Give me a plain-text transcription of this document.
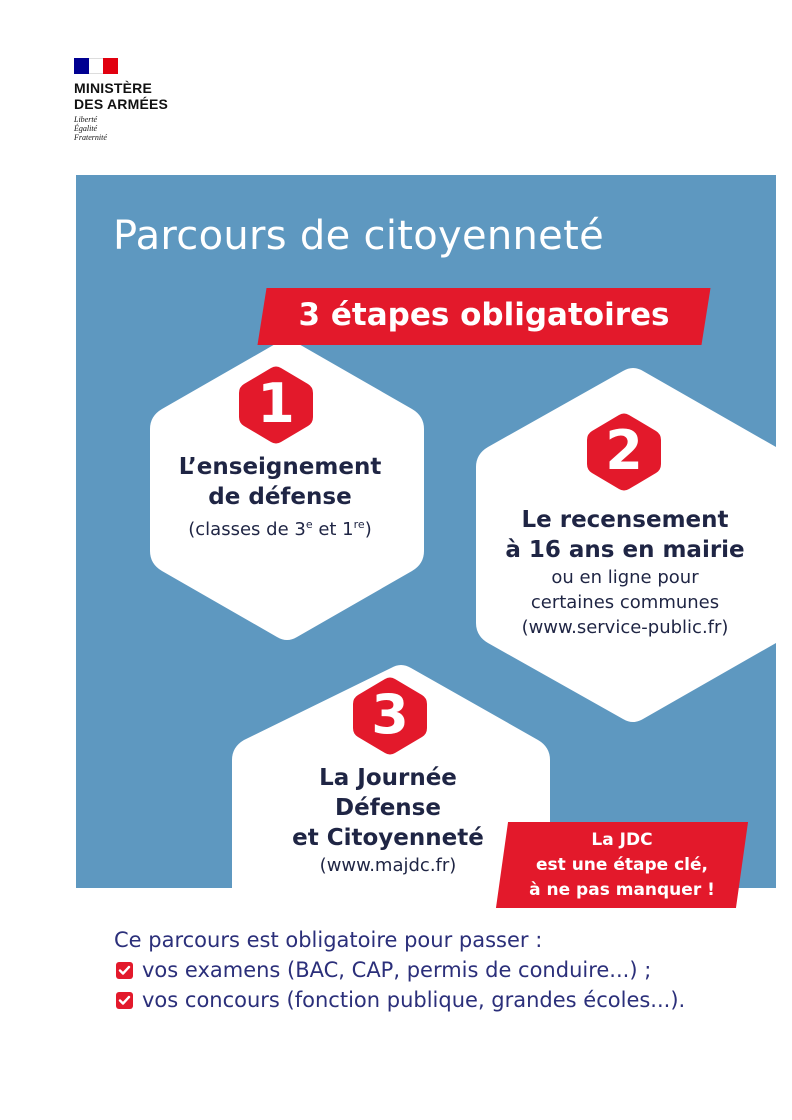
MINISTÈRE
DES ARMÉES
Liberté
Égalité
Fraternité
Parcours de citoyenneté
3 étapes obligatoires
1
L’enseignement
de défense
(classes de 3e et 1re)
2
Le recensement
à 16 ans en mairie
ou en ligne pour
certaines communes
(www.service-public.fr)
3
La Journée
Défense
et Citoyenneté
(www.majdc.fr)
La JDC
est une étape clé,
à ne pas manquer !
Ce parcours est obligatoire pour passer :
vos examens (BAC, CAP, permis de conduire...) ;
vos concours (fonction publique, grandes écoles...).
